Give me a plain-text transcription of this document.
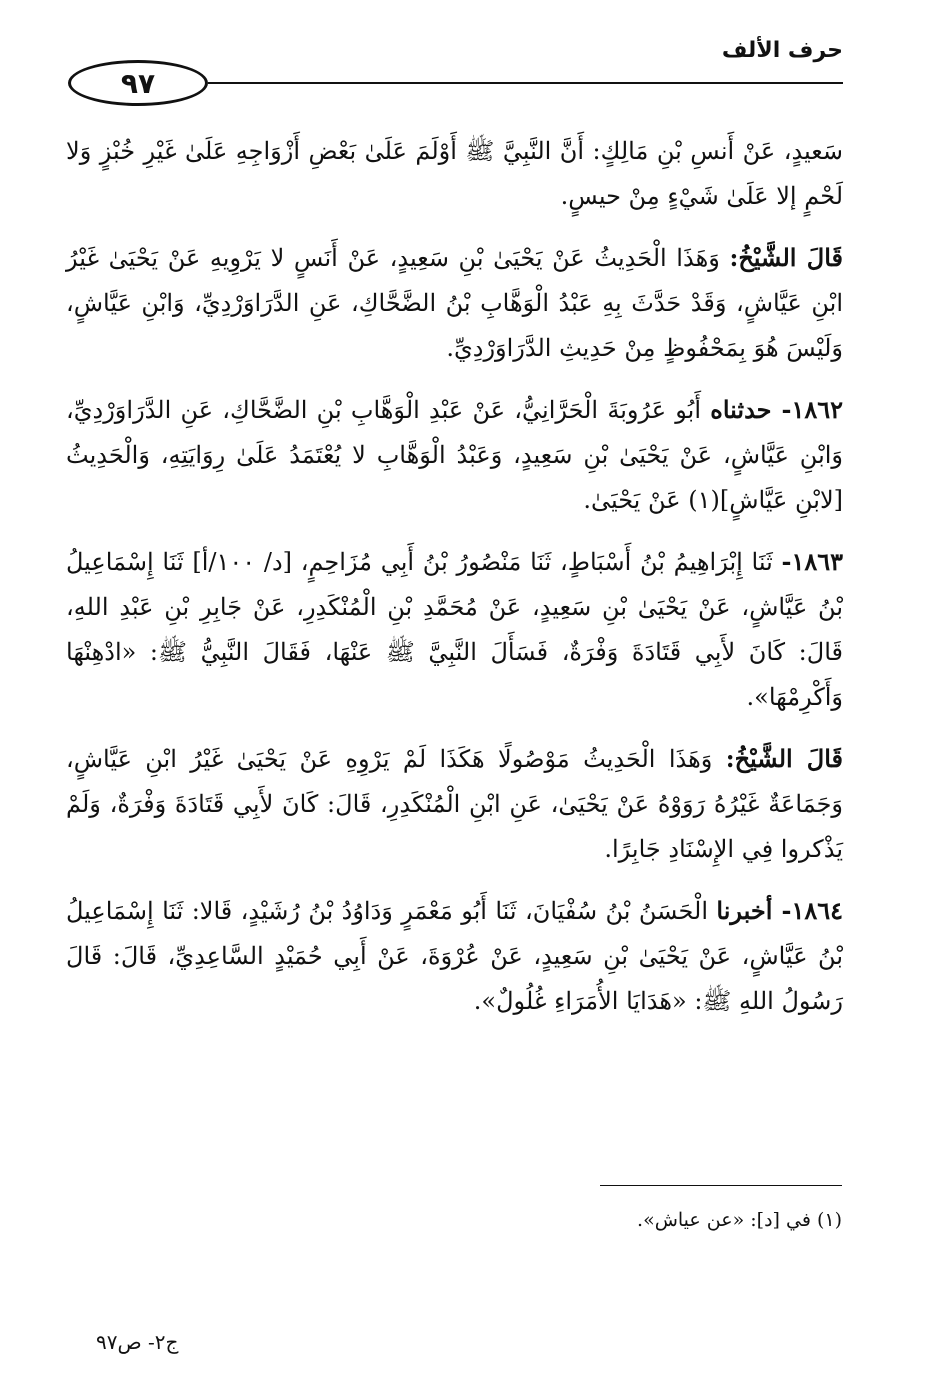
حرف الألف
٩٧

سَعيدٍ، عَنْ أَنسِ بْنِ مَالِكٍ: أَنَّ النَّبِيَّ ﷺ أَوْلَمَ عَلَىٰ بَعْضِ أَزْوَاجِهِ عَلَىٰ غَيْرِ خُبْزٍ وَلا لَحْمٍ إلا عَلَىٰ شَيْءٍ مِنْ حيسٍ.

قَالَ الشَّيْخُ: وَهَذَا الْحَدِيثُ عَنْ يَحْيَىٰ بْنِ سَعِيدٍ، عَنْ أَنَسٍ لا يَرْوِيهِ عَنْ يَحْيَىٰ غَيْرُ ابْنِ عَيَّاشٍ، وَقَدْ حَدَّثَ بِهِ عَبْدُ الْوَهَّابِ بْنُ الضَّحَّاكِ، عَنِ الدَّرَاوَرْدِيِّ، وَابْنِ عَيَّاشٍ، وَلَيْسَ هُوَ بِمَحْفُوظٍ مِنْ حَدِيثِ الدَّرَاوَرْدِيِّ.

١٨٦٢- حدثناه أَبُو عَرُوبَةَ الْحَرَّانِيُّ، عَنْ عَبْدِ الْوَهَّابِ بْنِ الضَّحَّاكِ، عَنِ الدَّرَاوَرْدِيِّ، وَابْنِ عَيَّاشٍ، عَنْ يَحْيَىٰ بْنِ سَعِيدٍ، وَعَبْدُ الْوَهَّابِ لا يُعْتَمَدُ عَلَىٰ رِوَايَتِهِ، وَالْحَدِيثُ [لابْنِ عَيَّاشٍ](١) عَنْ يَحْيَىٰ.

١٨٦٣- ثَنَا إِبْرَاهِيمُ بْنُ أَسْبَاطٍ، ثَنَا مَنْصُورُ بْنُ أَبِي مُزَاحِمٍ، [د/ ١٠٠/أ] ثَنَا إِسْمَاعِيلُ بْنُ عَيَّاشٍ، عَنْ يَحْيَىٰ بْنِ سَعِيدٍ، عَنْ مُحَمَّدِ بْنِ الْمُنْكَدِرِ، عَنْ جَابِرِ بْنِ عَبْدِ اللهِ، قَالَ: كَانَ لأَبِي قَتَادَةَ وَفْرَةٌ، فَسَأَلَ النَّبِيَّ ﷺ عَنْهَا، فَقَالَ النَّبِيُّ ﷺ: «ادْهِنْهَا وَأَكْرِمْهَا».

قَالَ الشَّيْخُ: وَهَذَا الْحَدِيثُ مَوْصُولًا هَكَذَا لَمْ يَرْوِهِ عَنْ يَحْيَىٰ غَيْرُ ابْنِ عَيَّاشٍ، وَجَمَاعَةٌ غَيْرُهُ رَوَوْهُ عَنْ يَحْيَىٰ، عَنِ ابْنِ الْمُنْكَدِرِ، قَالَ: كَانَ لأَبِي قَتَادَةَ وَفْرَةٌ، وَلَمْ يَذْكروا فِي الإِسْنَادِ جَابِرًا.

١٨٦٤- أخبرنا الْحَسَنُ بْنُ سُفْيَانَ، ثَنَا أَبُو مَعْمَرٍ وَدَاوُدُ بْنُ رُشَيْدٍ، قَالا: ثَنَا إِسْمَاعِيلُ بْنُ عَيَّاشٍ، عَنْ يَحْيَىٰ بْنِ سَعِيدٍ، عَنْ عُرْوَةَ، عَنْ أَبِي حُمَيْدٍ السَّاعِدِيِّ، قَالَ: قَالَ رَسُولُ اللهِ ﷺ: «هَدَايَا الأُمَرَاءِ غُلُولٌ».

(١) في [د]: «عن عياش».
ج٢- ص٩٧
